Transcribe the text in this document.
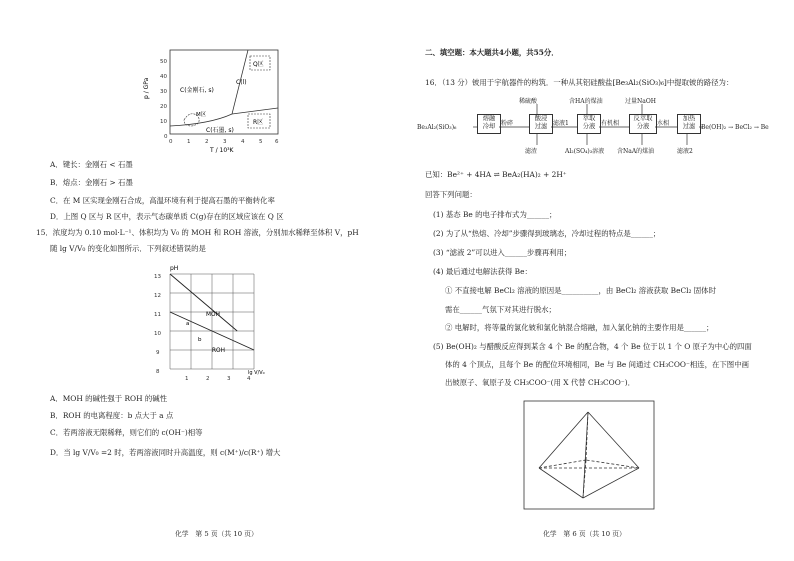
p / GPa
50
40
30
20
10
0
0	1	2	3	4	5 6
T / 10³K
C(金刚石, s)
C(l)
C(石墨, s)
M区
Q区
R区
A．键长：金刚石 < 石墨
B．熔点：金刚石 > 石墨
C．在 M 区实现金刚石合成，高温环境有利于提高石墨的平衡转化率
D．上图 Q 区与 R 区中，表示气态碳单质 C(g)存在的区域应该在 Q 区
15．浓度均为 0.10 mol·L⁻¹、体积均为 V₀ 的 MOH 和 ROH 溶液，分别加水稀释至体积 V，pH
随 lg V/V₀ 的变化如图所示．下列叙述错误的是
pH
13
12
11
10
9
8
1	2	3	4
MOH
ROH
a
b
lg V/V₀
A．MOH 的碱性强于 ROH 的碱性
B．ROH 的电离程度：b 点大于 a 点
C．若两溶液无限稀释，则它们的 c(OH⁻)相等
D．当 lg V/V₀ =2 时，若两溶液同时升高温度，则 c(M⁺)/c(R⁺) 增大
化学　第 5 页（共 10 页）
二、填空题：本大题共4小题，共55分．
16．（13 分）铍用于宇航器件的构筑．一种从其铝硅酸盐[Be₃Al₂(SiO₃)₆]中提取铍的路径为：
Be₃Al₂(SiO₃)₆
熔融
冷却
酸浸
过滤
萃取
分液
反萃取
分液
加热
过滤
粉碎	滤液1	有机相	水相
稀硫酸	含HA的煤油	过量NaOH
滤渣	Al₂(SO₄)₃溶液 含NaA的煤油	滤液2
Be(OH)₂ → BeCl₂ → Be
已知：Be²⁺ + 4HA ⇌ BeA₂(HA)₂ + 2H⁺
回答下列问题：
(1) 基态 Be 的电子排布式为______；
(2) 为了从“热熔、冷却”步骤得到玻璃态，冷却过程的特点是______；
(3) “滤液 2”可以进入______步骤再利用；
(4) 最后通过电解法获得 Be：
① 不直接电解 BeCl₂ 溶液的原因是__________，由 BeCl₂ 溶液获取 BeCl₂ 固体时
需在______气氛下对其进行脱水；
② 电解时，将等量的氯化铍和氯化钠混合熔融，加入氯化钠的主要作用是______；
(5) Be(OH)₂ 与醋酸反应得到某含 4 个 Be 的配合物，4 个 Be 位于以 1 个 O 原子为中心的四面
体的 4 个顶点，且每个 Be 的配位环境相同，Be 与 Be 间通过 CH₃COO⁻相连，在下图中画
出铍原子、氧原子及 CH₃COO⁻(用 X 代替 CH₃COO⁻)．
化学　第 6 页（共 10 页）
